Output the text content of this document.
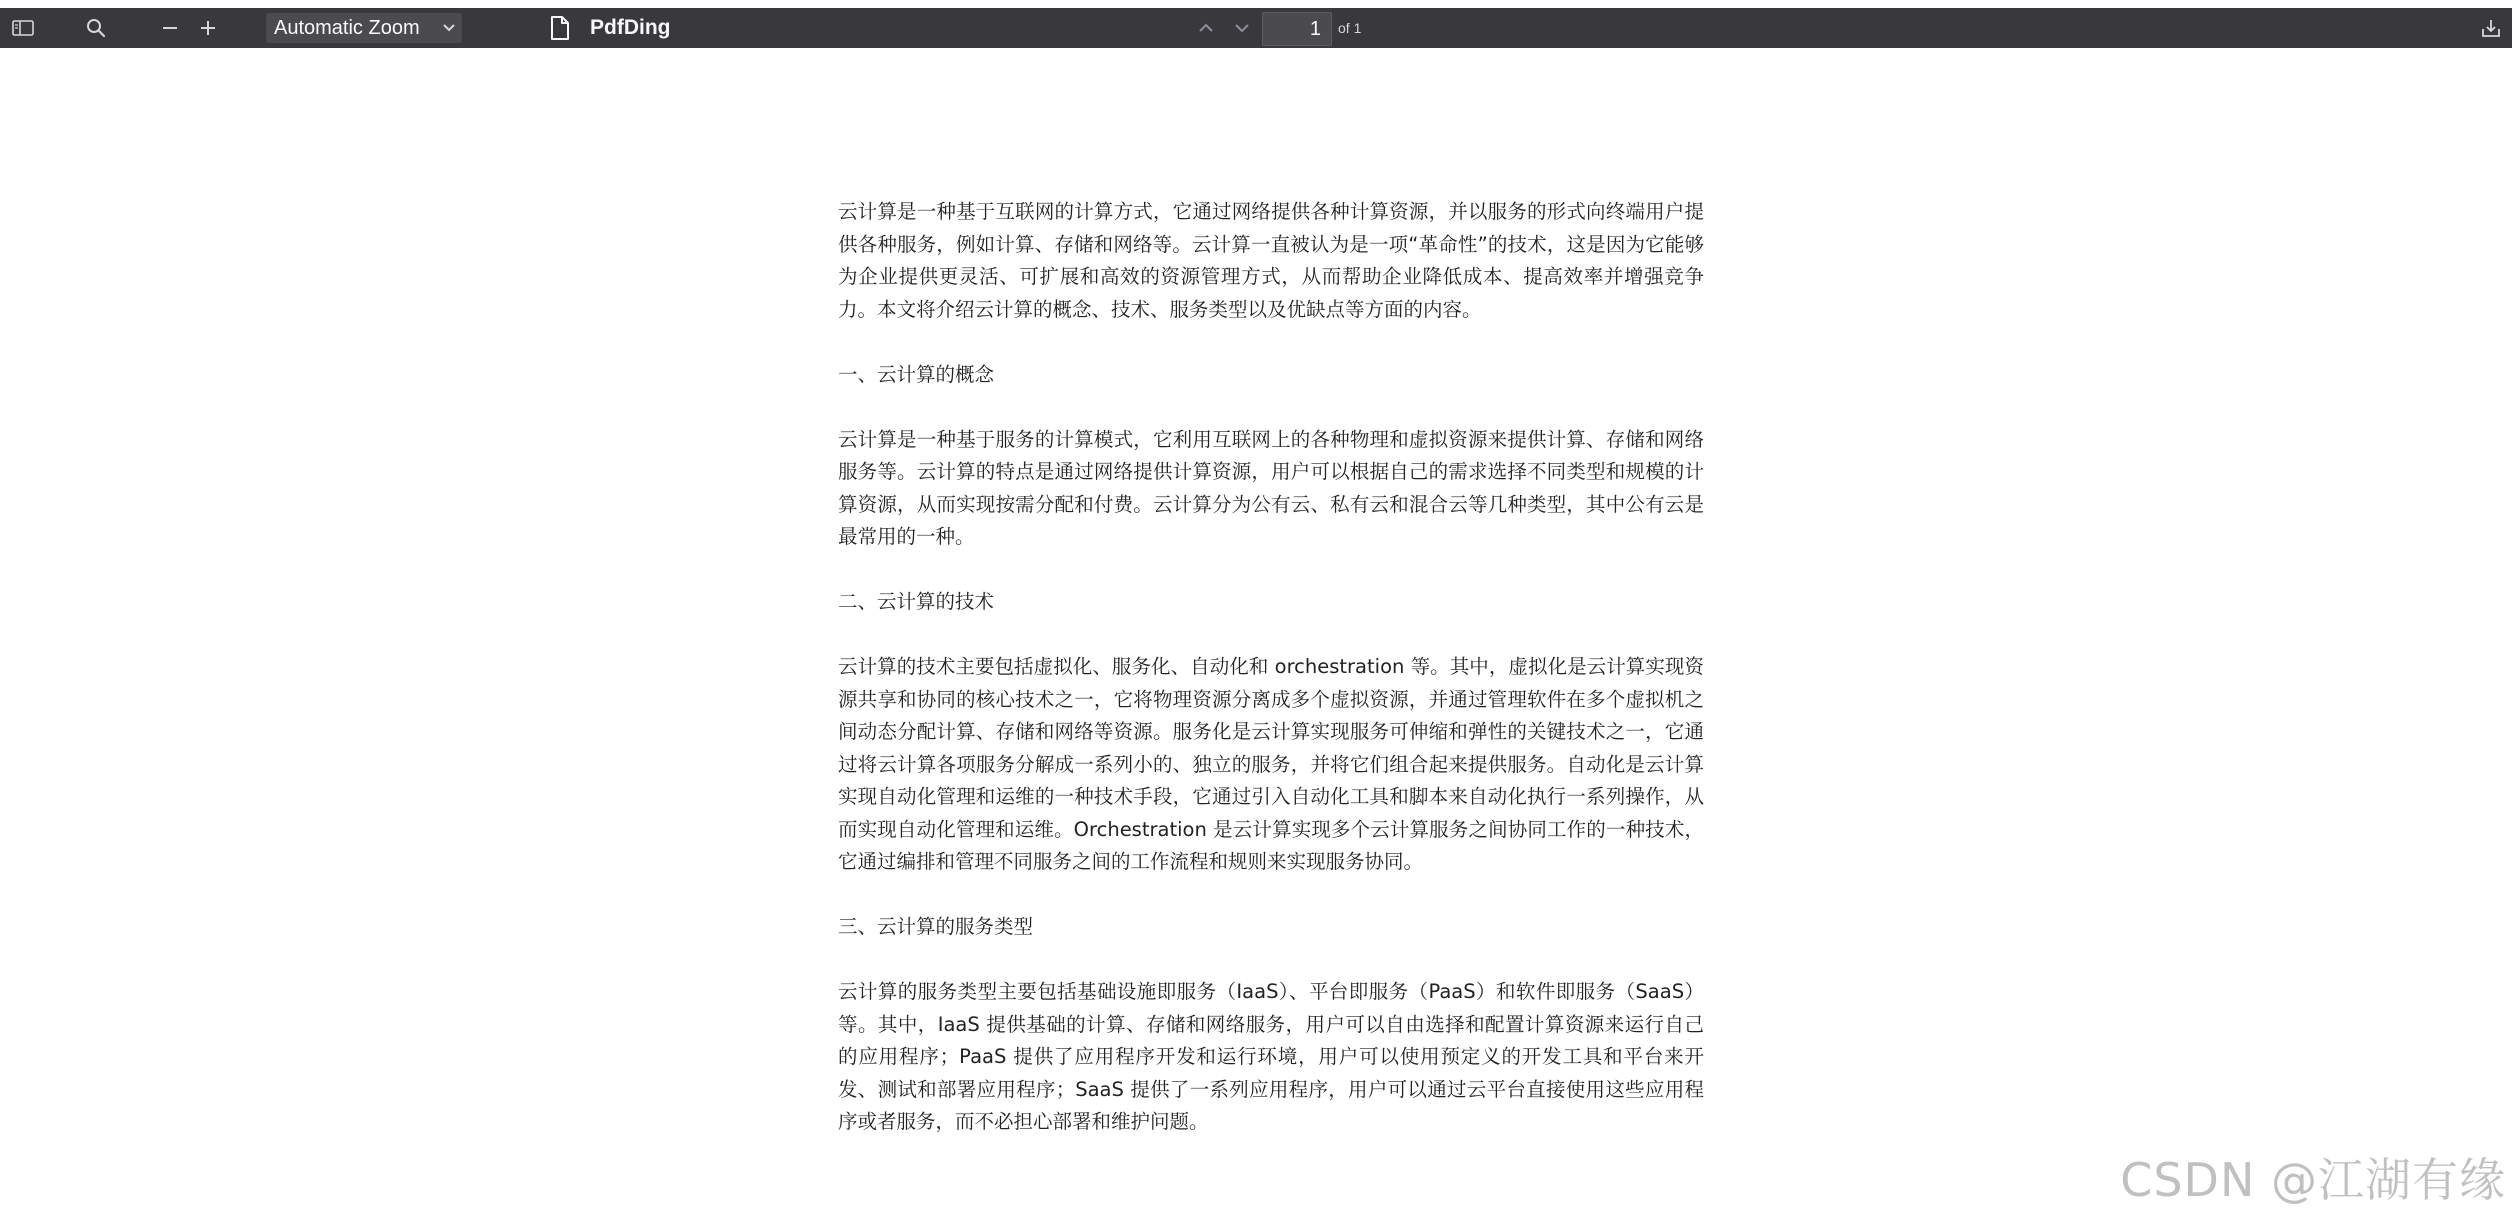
Automatic Zoom	PdfDing
1	of 1

云计算是一种基于互联网的计算方式，它通过网络提供各种计算资源，并以服务的形式向终端用户提供各种服务，例如计算、存储和网络等。云计算一直被认为是一项“革命性”的技术，这是因为它能够为企业提供更灵活、可扩展和高效的资源管理方式，从而帮助企业降低成本、提高效率并增强竞争力。本文将介绍云计算的概念、技术、服务类型以及优缺点等方面的内容。

一、云计算的概念

云计算是一种基于服务的计算模式，它利用互联网上的各种物理和虚拟资源来提供计算、存储和网络服务等。云计算的特点是通过网络提供计算资源，用户可以根据自己的需求选择不同类型和规模的计算资源，从而实现按需分配和付费。云计算分为公有云、私有云和混合云等几种类型，其中公有云是最常用的一种。

二、云计算的技术

云计算的技术主要包括虚拟化、服务化、自动化和 orchestration 等。其中，虚拟化是云计算实现资源共享和协同的核心技术之一，它将物理资源分离成多个虚拟资源，并通过管理软件在多个虚拟机之间动态分配计算、存储和网络等资源。服务化是云计算实现服务可伸缩和弹性的关键技术之一，它通过将云计算各项服务分解成一系列小的、独立的服务，并将它们组合起来提供服务。自动化是云计算实现自动化管理和运维的一种技术手段，它通过引入自动化工具和脚本来自动化执行一系列操作，从而实现自动化管理和运维。Orchestration 是云计算实现多个云计算服务之间协同工作的一种技术，它通过编排和管理不同服务之间的工作流程和规则来实现服务协同。

三、云计算的服务类型

云计算的服务类型主要包括基础设施即服务（IaaS）、平台即服务（PaaS）和软件即服务（SaaS）等。其中，IaaS 提供基础的计算、存储和网络服务，用户可以自由选择和配置计算资源来运行自己的应用程序；PaaS 提供了应用程序开发和运行环境，用户可以使用预定义的开发工具和平台来开发、测试和部署应用程序；SaaS 提供了一系列应用程序，用户可以通过云平台直接使用这些应用程序或者服务，而不必担心部署和维护问题。

CSDN @江湖有缘
